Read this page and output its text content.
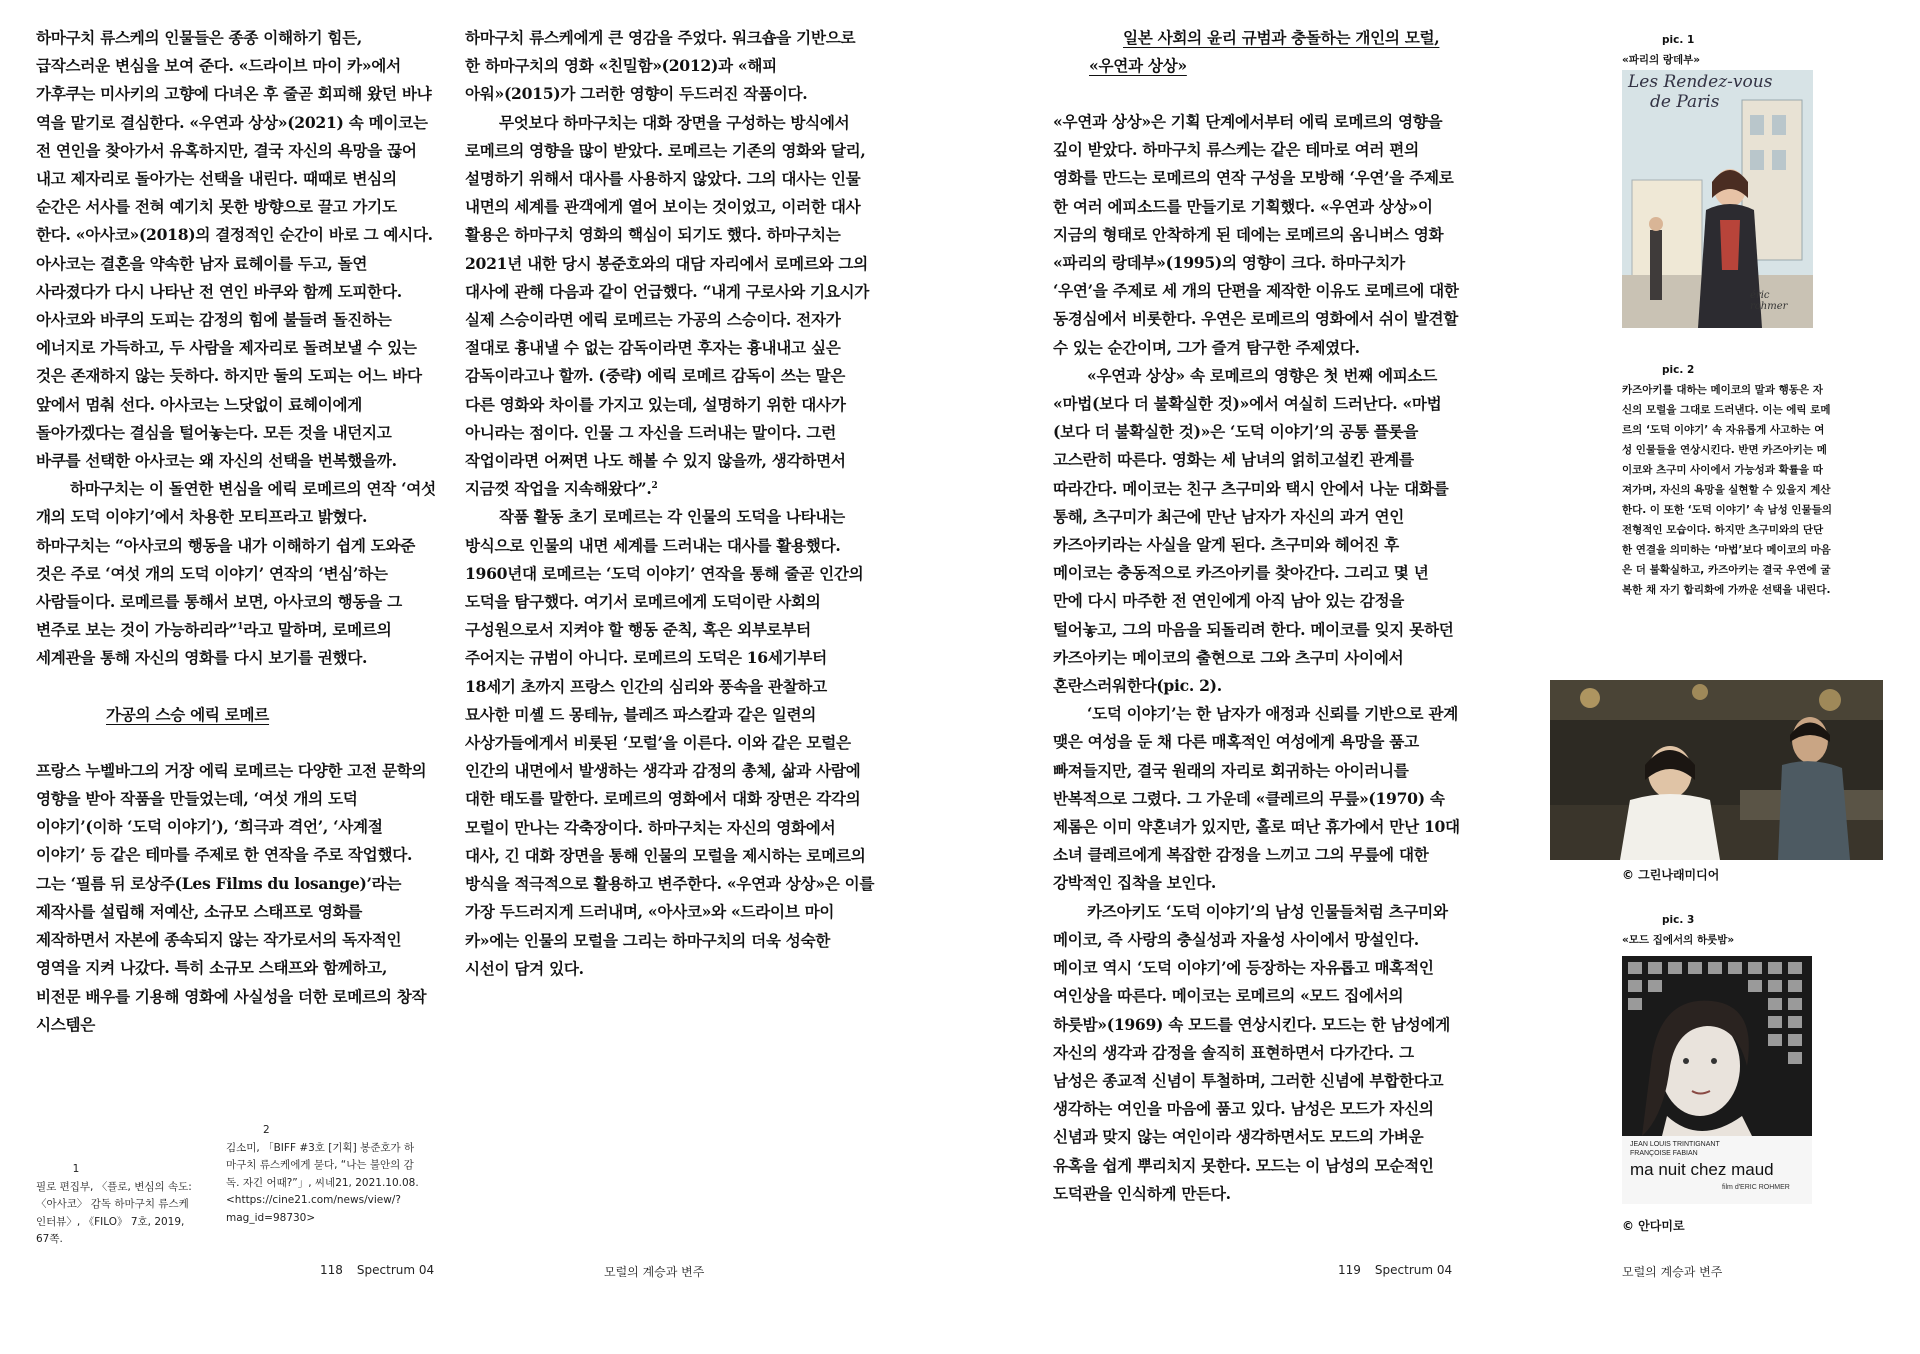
하마구치 류스케의 인물들은 종종 이해하기 힘든, 급작스러운 변심을 보여 준다. «드라이브 마이 카»에서 가후쿠는 미사키의 고향에 다녀온 후 줄곧 회피해 왔던 바냐 역을 맡기로 결심한다. «우연과 상상»(2021) 속 메이코는 전 연인을 찾아가서 유혹하지만, 결국 자신의 욕망을 끊어 내고 제자리로 돌아가는 선택을 내린다. 때때로 변심의 순간은 서사를 전혀 예기치 못한 방향으로 끌고 가기도 한다. «아사코»(2018)의 결정적인 순간이 바로 그 예시다. 아사코는 결혼을 약속한 남자 료헤이를 두고, 돌연 사라졌다가 다시 나타난 전 연인 바쿠와 함께 도피한다. 아사코와 바쿠의 도피는 감정의 힘에 불들려 돌진하는 에너지로 가득하고, 두 사람을 제자리로 돌려보낼 수 있는 것은 존재하지 않는 듯하다. 하지만 둘의 도피는 어느 바다 앞에서 멈춰 선다. 아사코는 느닷없이 료헤이에게 돌아가겠다는 결심을 털어놓는다. 모든 것을 내던지고 바쿠를 선택한 아사코는 왜 자신의 선택을 번복했을까.

하마구치는 이 돌연한 변심을 에릭 로메르의 연작 ‘여섯 개의 도덕 이야기’에서 차용한 모티프라고 밝혔다. 하마구치는 “아사코의 행동을 내가 이해하기 쉽게 도와준 것은 주로 ‘여섯 개의 도덕 이야기’ 연작의 ‘변심’하는 사람들이다. 로메르를 통해서 보면, 아사코의 행동을 그 변주로 보는 것이 가능하리라”$^1$라고 말하며, 로메르의 세계관을 통해 자신의 영화를 다시 보기를 권했다.

가공의 스승 에릭 로메르

프랑스 누벨바그의 거장 에릭 로메르는 다양한 고전 문학의 영향을 받아 작품을 만들었는데, ‘여섯 개의 도덕 이야기’(이하 ‘도덕 이야기’), ‘희극과 격언’, ‘사계절 이야기’ 등 같은 테마를 주제로 한 연작을 주로 작업했다. 그는 ‘필름 뒤 로상주(Les Films du losange)’라는 제작사를 설립해 저예산, 소규모 스태프로 영화를 제작하면서 자본에 종속되지 않는 작가로서의 독자적인 영역을 지켜 나갔다. 특히 소규모 스태프와 함께하고, 비전문 배우를 기용해 영화에 사실성을 더한 로메르의 창작 시스템은

하마구치 류스케에게 큰 영감을 주었다. 워크숍을 기반으로 한 하마구치의 영화 «친밀함»(2012)과 «해피 아워»(2015)가 그러한 영향이 두드러진 작품이다.

무엇보다 하마구치는 대화 장면을 구성하는 방식에서 로메르의 영향을 많이 받았다. 로메르는 기존의 영화와 달리, 설명하기 위해서 대사를 사용하지 않았다. 그의 대사는 인물 내면의 세계를 관객에게 열어 보이는 것이었고, 이러한 대사 활용은 하마구치 영화의 핵심이 되기도 했다. 하마구치는 2021년 내한 당시 봉준호와의 대담 자리에서 로메르와 그의 대사에 관해 다음과 같이 언급했다. “내게 구로사와 기요시가 실제 스승이라면 에릭 로메르는 가공의 스승이다. 전자가 절대로 흉내낼 수 없는 감독이라면 후자는 흉내내고 싶은 감독이라고나 할까. (중략) 에릭 로메르 감독이 쓰는 말은 다른 영화와 차이를 가지고 있는데, 설명하기 위한 대사가 아니라는 점이다. 인물 그 자신을 드러내는 말이다. 그런 작업이라면 어쩌면 나도 해볼 수 있지 않을까, 생각하면서 지금껏 작업을 지속해왔다”.$^2$

작품 활동 초기 로메르는 각 인물의 도덕을 나타내는 방식으로 인물의 내면 세계를 드러내는 대사를 활용했다. 1960년대 로메르는 ‘도덕 이야기’ 연작을 통해 줄곧 인간의 도덕을 탐구했다. 여기서 로메르에게 도덕이란 사회의 구성원으로서 지켜야 할 행동 준칙, 혹은 외부로부터 주어지는 규범이 아니다. 로메르의 도덕은 16세기부터 18세기 초까지 프랑스 인간의 심리와 풍속을 관찰하고 묘사한 미셸 드 몽테뉴, 블레즈 파스칼과 같은 일련의 사상가들에게서 비롯된 ‘모럴’을 이른다. 이와 같은 모럴은 인간의 내면에서 발생하는 생각과 감정의 총체, 삶과 사람에 대한 태도를 말한다. 로메르의 영화에서 대화 장면은 각각의 모럴이 만나는 각축장이다. 하마구치는 자신의 영화에서 대사, 긴 대화 장면을 통해 인물의 모럴을 제시하는 로메르의 방식을 적극적으로 활용하고 변주한다. «우연과 상상»은 이를 가장 두드러지게 드러내며, «아사코»와 «드라이브 마이 카»에는 인물의 모럴을 그리는 하마구치의 더욱 성숙한 시선이 담겨 있다.

1
필로 편집부, 〈플로, 변심의 속도: 〈아사코〉 감독 하마구치 류스케 인터뷰〉, 《FILO》 7호, 2019, 67쪽.
2
김소미, 「BIFF #3호 [기획] 봉준호가 하마구치 류스케에게 묻다, “나는 불안의 감독. 자긴 어때?”」, 씨네21, 2021.10.08. <https://cine21.com/news/view/?mag_id=98730>
118 Spectrum 04	모럴의 계승과 변주

일본 사회의 윤리 규범과 충돌하는 개인의 모럴, «우연과 상상»

«우연과 상상»은 기획 단계에서부터 에릭 로메르의 영향을 깊이 받았다. 하마구치 류스케는 같은 테마로 여러 편의 영화를 만드는 로메르의 연작 구성을 모방해 ‘우연’을 주제로 한 여러 에피소드를 만들기로 기획했다. «우연과 상상»이 지금의 형태로 안착하게 된 데에는 로메르의 옴니버스 영화 «파리의 랑데부»(1995)의 영향이 크다. 하마구치가 ‘우연’을 주제로 세 개의 단편을 제작한 이유도 로메르에 대한 동경심에서 비롯한다. 우연은 로메르의 영화에서 쉬이 발견할 수 있는 순간이며, 그가 즐겨 탐구한 주제였다.

«우연과 상상» 속 로메르의 영향은 첫 번째 에피소드 «마법(보다 더 불확실한 것)»에서 여실히 드러난다. «마법(보다 더 불확실한 것)»은 ‘도덕 이야기’의 공통 플롯을 고스란히 따른다. 영화는 세 남녀의 얽히고설킨 관계를 따라간다. 메이코는 친구 츠구미와 택시 안에서 나눈 대화를 통해, 츠구미가 최근에 만난 남자가 자신의 과거 연인 카즈아키라는 사실을 알게 된다. 츠구미와 헤어진 후 메이코는 충동적으로 카즈아키를 찾아간다. 그리고 몇 년 만에 다시 마주한 전 연인에게 아직 남아 있는 감정을 털어놓고, 그의 마음을 되돌리려 한다. 메이코를 잊지 못하던 카즈아키는 메이코의 출현으로 그와 츠구미 사이에서 혼란스러워한다(pic. 2).

‘도덕 이야기’는 한 남자가 애정과 신뢰를 기반으로 관계 맺은 여성을 둔 채 다른 매혹적인 여성에게 욕망을 품고 빠져들지만, 결국 원래의 자리로 회귀하는 아이러니를 반복적으로 그렸다. 그 가운데 «클레르의 무릎»(1970) 속 제롬은 이미 약혼녀가 있지만, 홀로 떠난 휴가에서 만난 10대 소녀 클레르에게 복잡한 감정을 느끼고 그의 무릎에 대한 강박적인 집착을 보인다.

카즈아키도 ‘도덕 이야기’의 남성 인물들처럼 츠구미와 메이코, 즉 사랑의 충실성과 자율성 사이에서 망설인다. 메이코 역시 ‘도덕 이야기’에 등장하는 자유롭고 매혹적인 여인상을 따른다. 메이코는 로메르의 «모드 집에서의 하룻밤»(1969) 속 모드를 연상시킨다. 모드는 한 남성에게 자신의 생각과 감정을 솔직히 표현하면서 다가간다. 그 남성은 종교적 신념이 투철하며, 그러한 신념에 부합한다고 생각하는 여인을 마음에 품고 있다. 남성은 모드가 자신의 신념과 맞지 않는 여인이라 생각하면서도 모드의 가벼운 유혹을 쉽게 뿌리치지 못한다. 모드는 이 남성의 모순적인 도덕관을 인식하게 만든다.

pic. 1
«파리의 랑데부»
Les Rendez-vous
de Paris
éric rohmer
pic. 2
카즈아키를 대하는 메이코의 말과 행동은 자신의 모럴을 그대로 드러낸다. 이는 에릭 로메르의 ‘도덕 이야기’ 속 자유롭게 사고하는 여성 인물들을 연상시킨다. 반면 카즈아키는 메이코와 츠구미 사이에서 가능성과 확률을 따져가며, 자신의 욕망을 실현할 수 있을지 계산한다. 이 또한 ‘도덕 이야기’ 속 남성 인물들의 전형적인 모습이다. 하지만 츠구미와의 단단한 연결을 의미하는 ‘마법’보다 메이코의 마음은 더 불확실하고, 카즈아키는 결국 우연에 굴복한 채 자기 합리화에 가까운 선택을 내린다.
© 그린나래미디어
pic. 3
«모드 집에서의 하룻밤»
JEAN LOUIS TRINTIGNANT
FRANÇOISE FABIAN
ma nuit chez maud
film d'ERIC ROHMER
© 안다미로
119 Spectrum 04	모럴의 계승과 변주
